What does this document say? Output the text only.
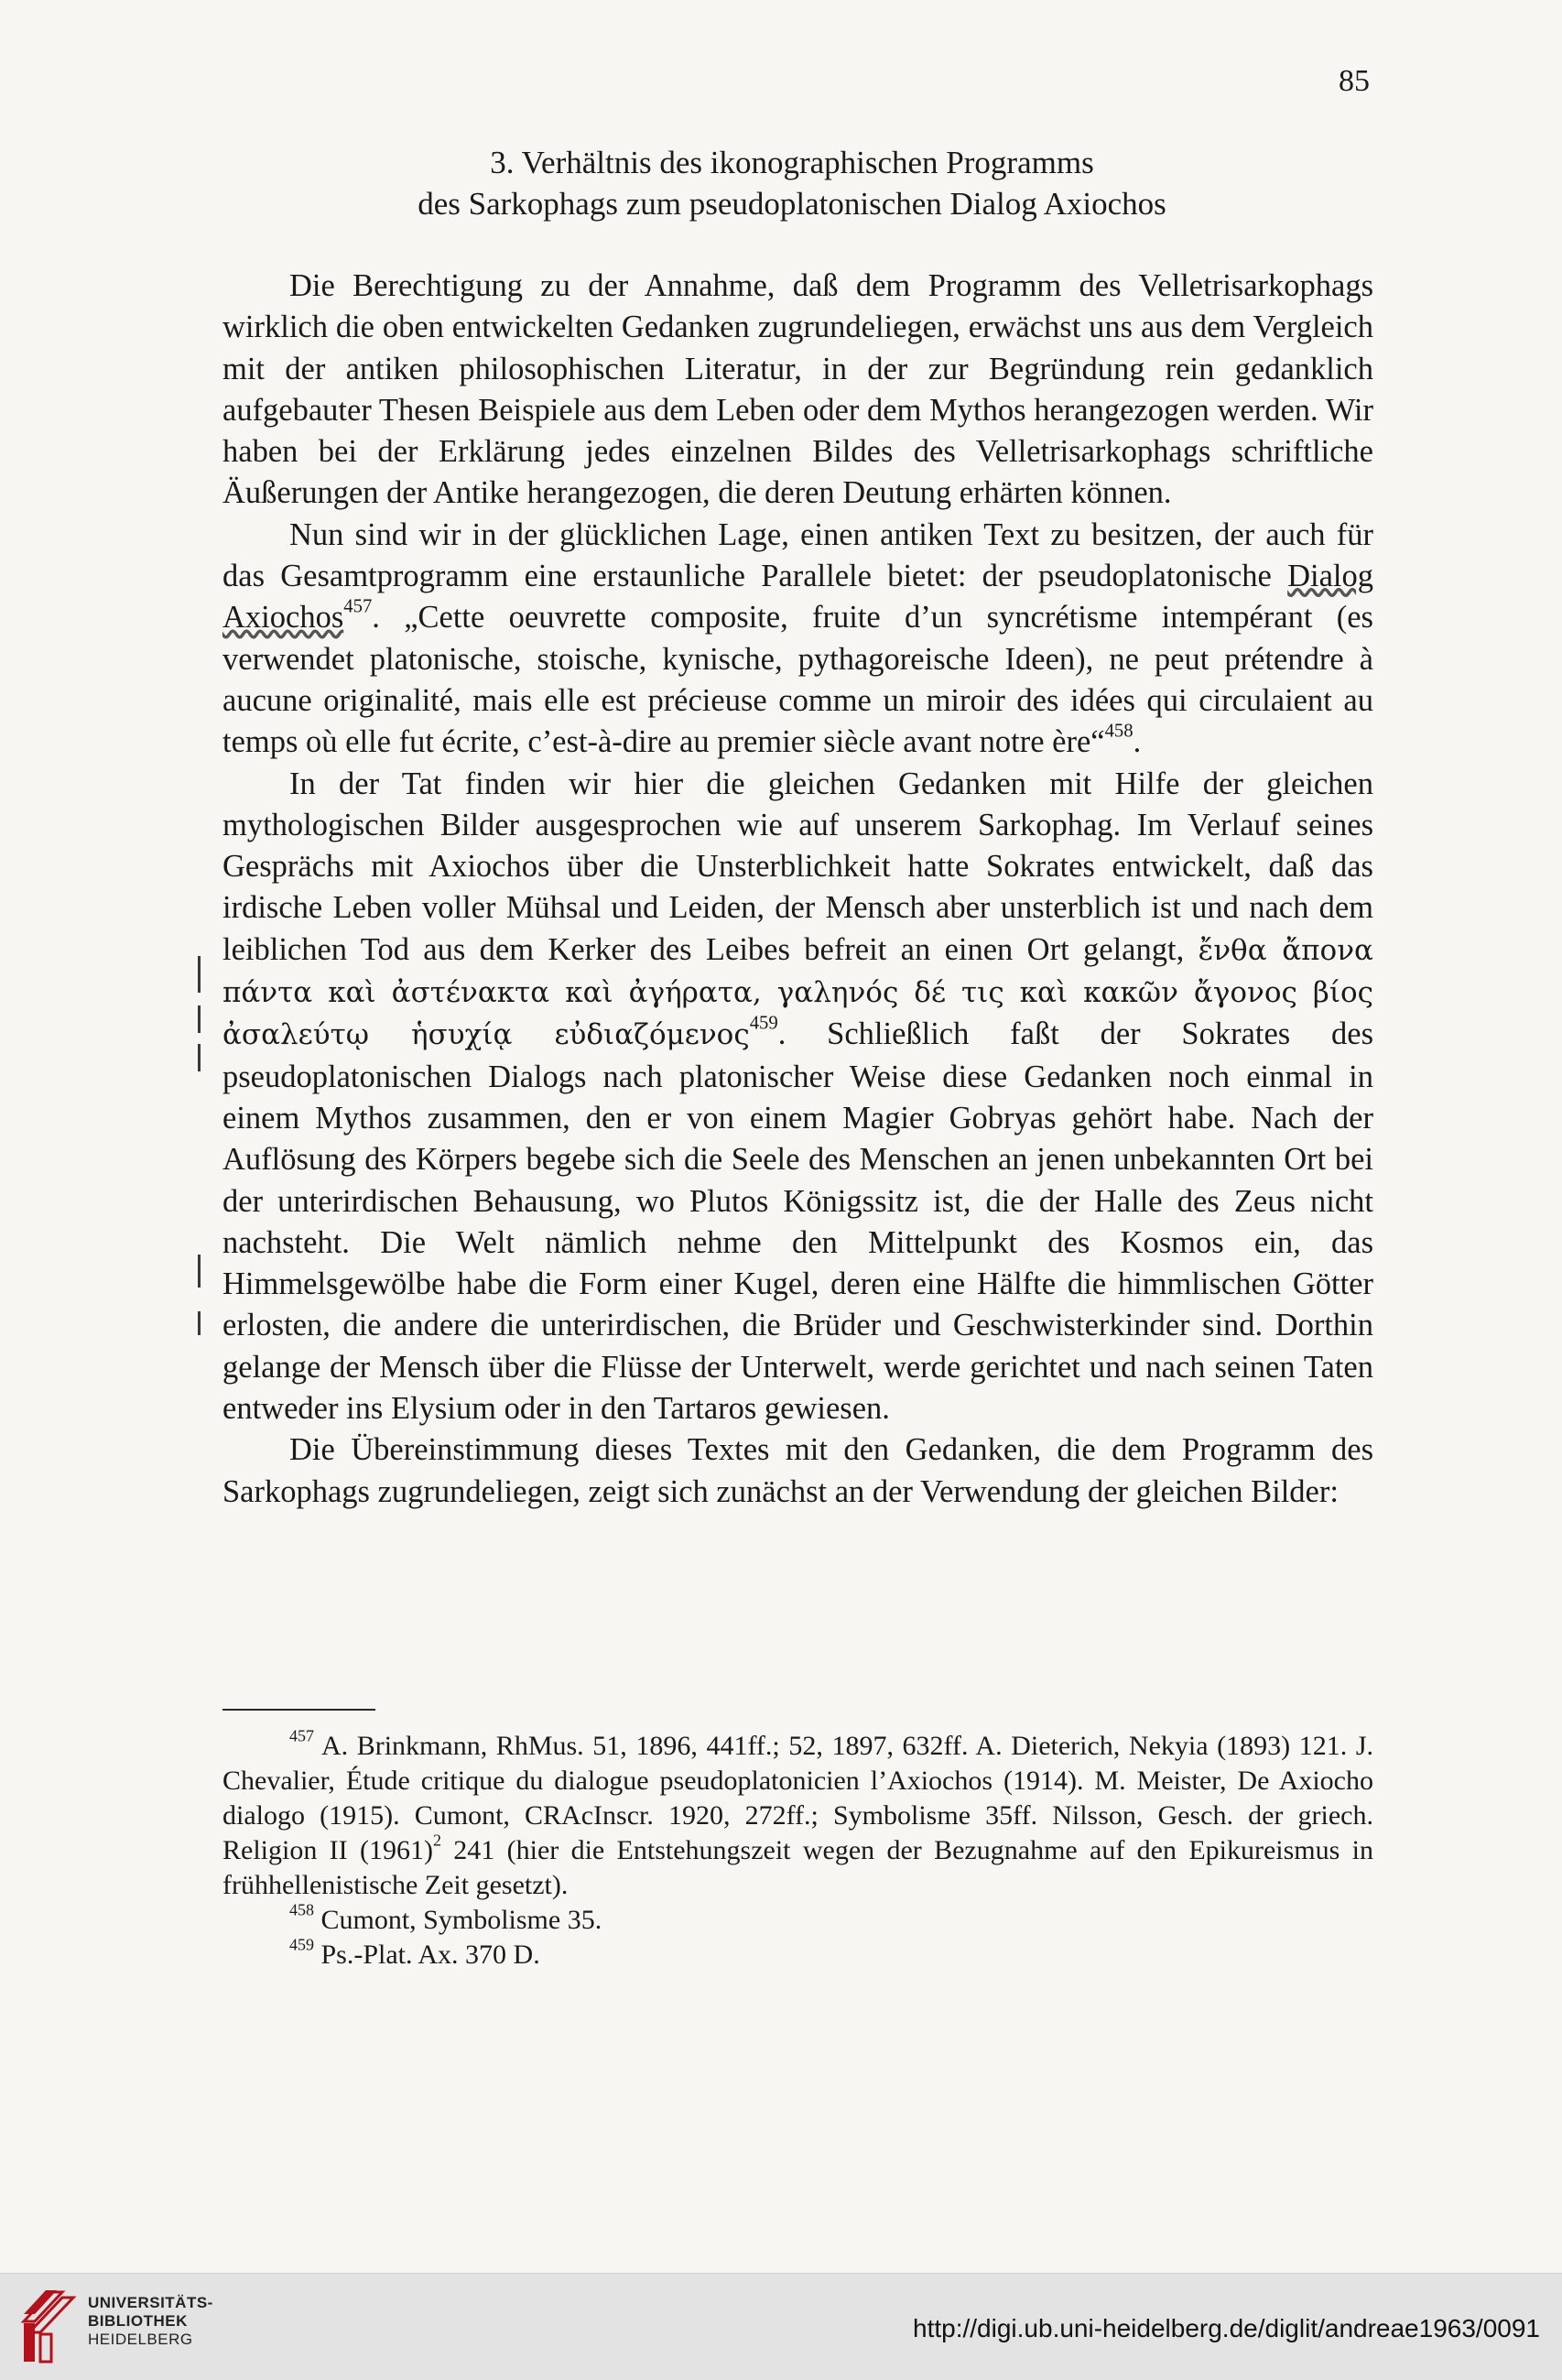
85
3. Verhältnis des ikonographischen Programms
des Sarkophags zum pseudoplatonischen Dialog Axiochos

Die Berechtigung zu der Annahme, daß dem Programm des Velletrisarkophags wirklich die oben entwickelten Gedanken zugrundeliegen, erwächst uns aus dem Vergleich mit der antiken philosophischen Literatur, in der zur Begründung rein gedanklich aufgebauter Thesen Beispiele aus dem Leben oder dem Mythos herangezogen werden. Wir haben bei der Erklärung jedes einzelnen Bildes des Velletrisarkophags schriftliche Äußerungen der Antike herangezogen, die deren Deutung erhärten können.

Nun sind wir in der glücklichen Lage, einen antiken Text zu besitzen, der auch für das Gesamtprogramm eine erstaunliche Parallele bietet: der pseudoplatonische Dialog Axiochos$^{457}$. „Cette oeuvrette composite, fruite d’un syncrétisme intempérant (es verwendet platonische, stoische, kynische, pythagoreische Ideen), ne peut prétendre à aucune originalité, mais elle est précieuse comme un miroir des idées qui circulaient au temps où elle fut écrite, c’est-à-dire au premier siècle avant notre ère“$^{458}$.

In der Tat finden wir hier die gleichen Gedanken mit Hilfe der gleichen mythologischen Bilder ausgesprochen wie auf unserem Sarkophag. Im Verlauf seines Gesprächs mit Axiochos über die Unsterblichkeit hatte Sokrates entwickelt, daß das irdische Leben voller Mühsal und Leiden, der Mensch aber unsterblich ist und nach dem leiblichen Tod aus dem Kerker des Leibes befreit an einen Ort gelangt, ἔνθα ἄπονα πάντα καὶ ἀστένακτα καὶ ἀγήρατα, γαληνός δέ τις καὶ κακῶν ἄγονος βίος ἀσαλεύτῳ ἡσυχίᾳ εὐδιαζόμενος$^{459}$. Schließlich faßt der Sokrates des pseudoplatonischen Dialogs nach platonischer Weise diese Gedanken noch einmal in einem Mythos zusammen, den er von einem Magier Gobryas gehört habe. Nach der Auflösung des Körpers begebe sich die Seele des Menschen an jenen unbekannten Ort bei der unterirdischen Behausung, wo Plutos Königssitz ist, die der Halle des Zeus nicht nachsteht. Die Welt nämlich nehme den Mittelpunkt des Kosmos ein, das Himmelsgewölbe habe die Form einer Kugel, deren eine Hälfte die himmlischen Götter erlosten, die andere die unterirdischen, die Brüder und Geschwisterkinder sind. Dorthin gelange der Mensch über die Flüsse der Unterwelt, werde gerichtet und nach seinen Taten entweder ins Elysium oder in den Tartaros gewiesen.

Die Übereinstimmung dieses Textes mit den Gedanken, die dem Programm des Sarkophags zugrundeliegen, zeigt sich zunächst an der Verwendung der gleichen Bilder:

$^{457}$ A. Brinkmann, RhMus. 51, 1896, 441ff.; 52, 1897, 632ff. A. Dieterich, Nekyia (1893) 121. J. Chevalier, Étude critique du dialogue pseudoplatonicien l’Axiochos (1914). M. Meister, De Axiocho dialogo (1915). Cumont, CRAcInscr. 1920, 272ff.; Symbolisme 35ff. Nilsson, Gesch. der griech. Religion II $(1961)^2$ 241 (hier die Entstehungszeit wegen der Bezugnahme auf den Epikureismus in frühhellenistische Zeit gesetzt).

$^{458}$ Cumont, Symbolisme 35.

$^{459}$ Ps.-Plat. Ax. 370 D.

UNIVERSITÄTS-
BIBLIOTHEK
HEIDELBERG	http://digi.ub.uni-heidelberg.de/diglit/andreae1963/0091
